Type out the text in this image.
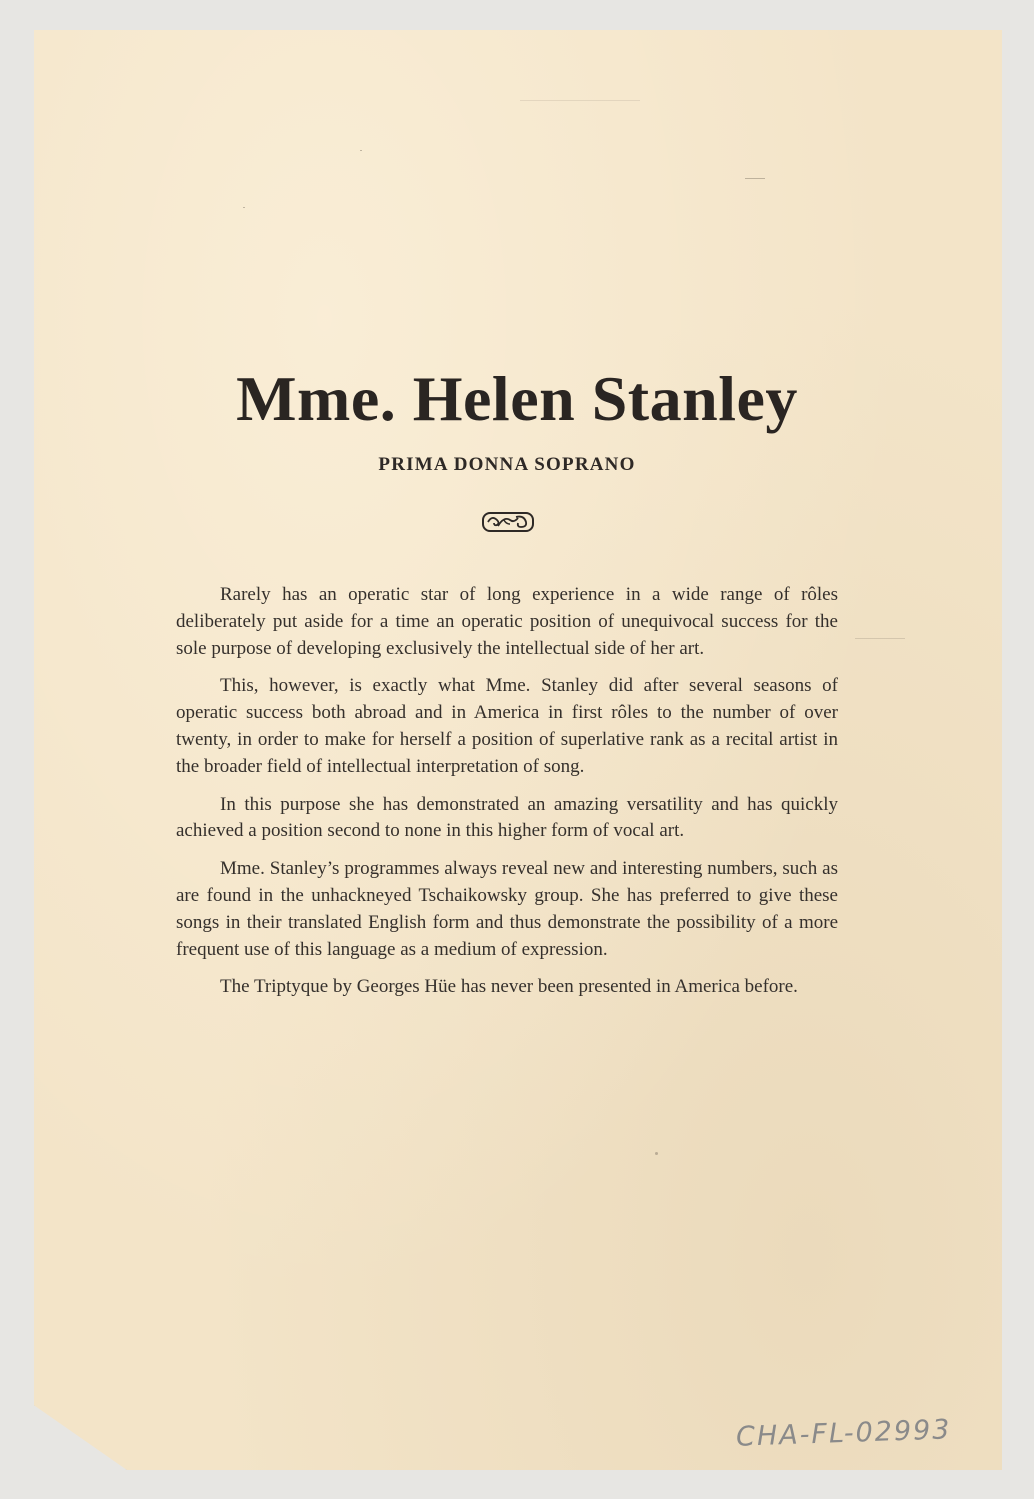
Mme. Helen Stanley
PRIMA DONNA SOPRANO

Rarely has an operatic star of long experience in a wide range of rôles deliberately put aside for a time an operatic position of unequivocal success for the sole purpose of developing exclusively the intellectual side of her art.

This, however, is exactly what Mme. Stanley did after several seasons of operatic success both abroad and in America in first rôles to the number of over twenty, in order to make for herself a position of superlative rank as a recital artist in the broader field of intellectual interpretation of song.

In this purpose she has demonstrated an amazing versatility and has quickly achieved a position second to none in this higher form of vocal art.

Mme. Stanley’s programmes always reveal new and interesting numbers, such as are found in the unhackneyed Tschaikowsky group. She has preferred to give these songs in their translated English form and thus demonstrate the possibility of a more frequent use of this language as a medium of expression.

The Triptyque by Georges Hüe has never been presented in America before.

CHA-FL-02993
